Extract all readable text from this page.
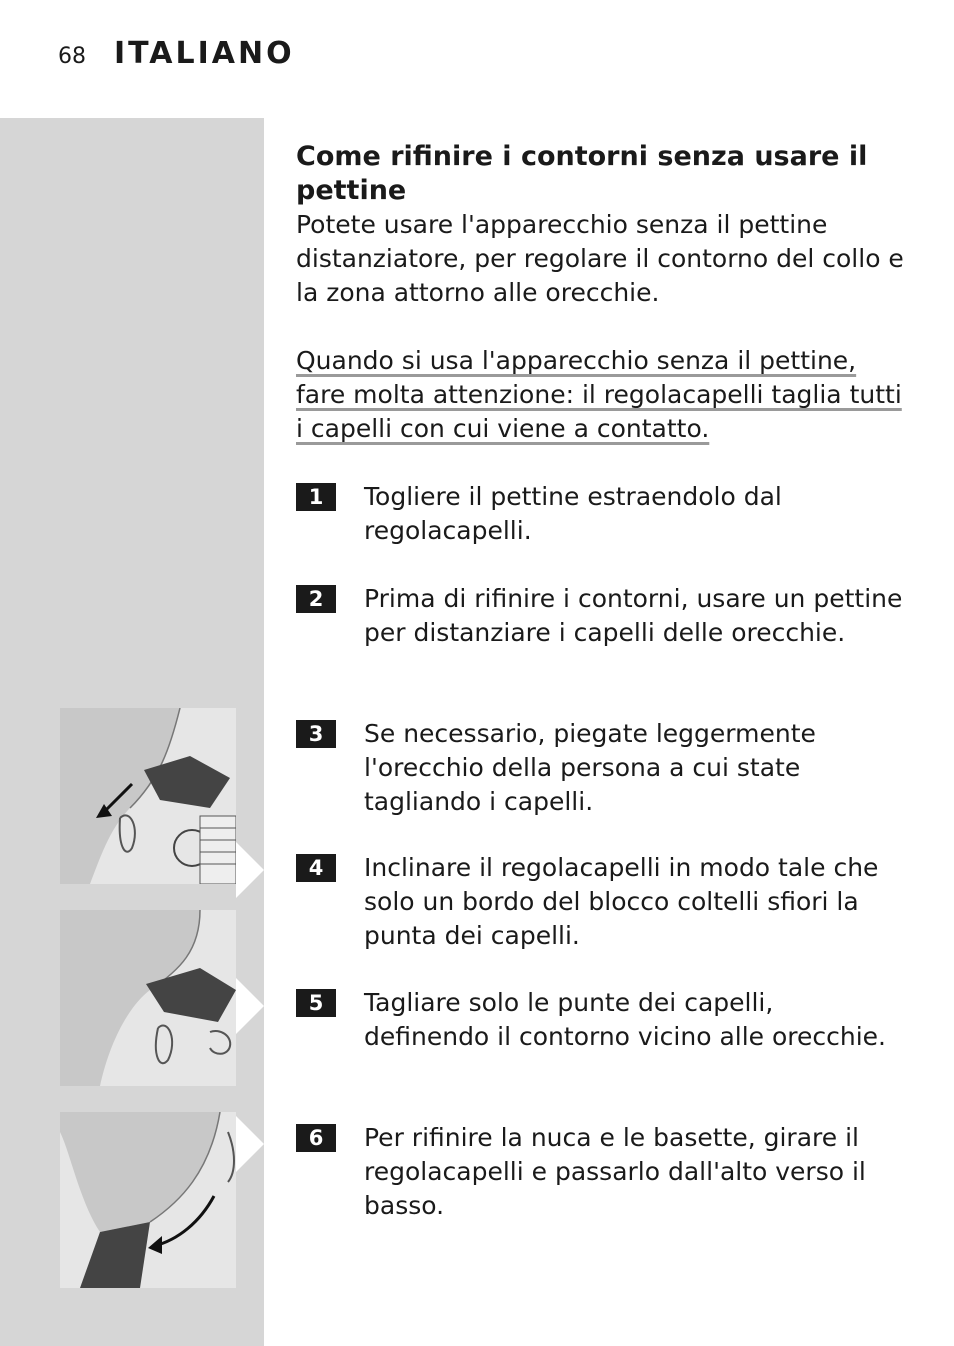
68 ITALIANO
Come rifinire i contorni senza usare il pettine

Potete usare l'apparecchio senza il pettine distanziatore, per regolare il contorno del collo e la zona attorno alle orecchie.

Quando si usa l'apparecchio senza il pettine, fare molta attenzione: il regolacapelli taglia tutti i capelli con cui viene a contatto.

1	Togliere il pettine estraendolo dal regolacapelli.
2	Prima di rifinire i contorni, usare un pettine per distanziare i capelli delle orecchie.
3	Se necessario, piegate leggermente l'orecchio della persona a cui state tagliando i capelli.
4	Inclinare il regolacapelli in modo tale che solo un bordo del blocco coltelli sfiori la punta dei capelli.
5	Tagliare solo le punte dei capelli, definendo il contorno vicino alle orecchie.
6	Per rifinire la nuca e le basette, girare il regolacapelli e passarlo dall'alto verso il basso.
